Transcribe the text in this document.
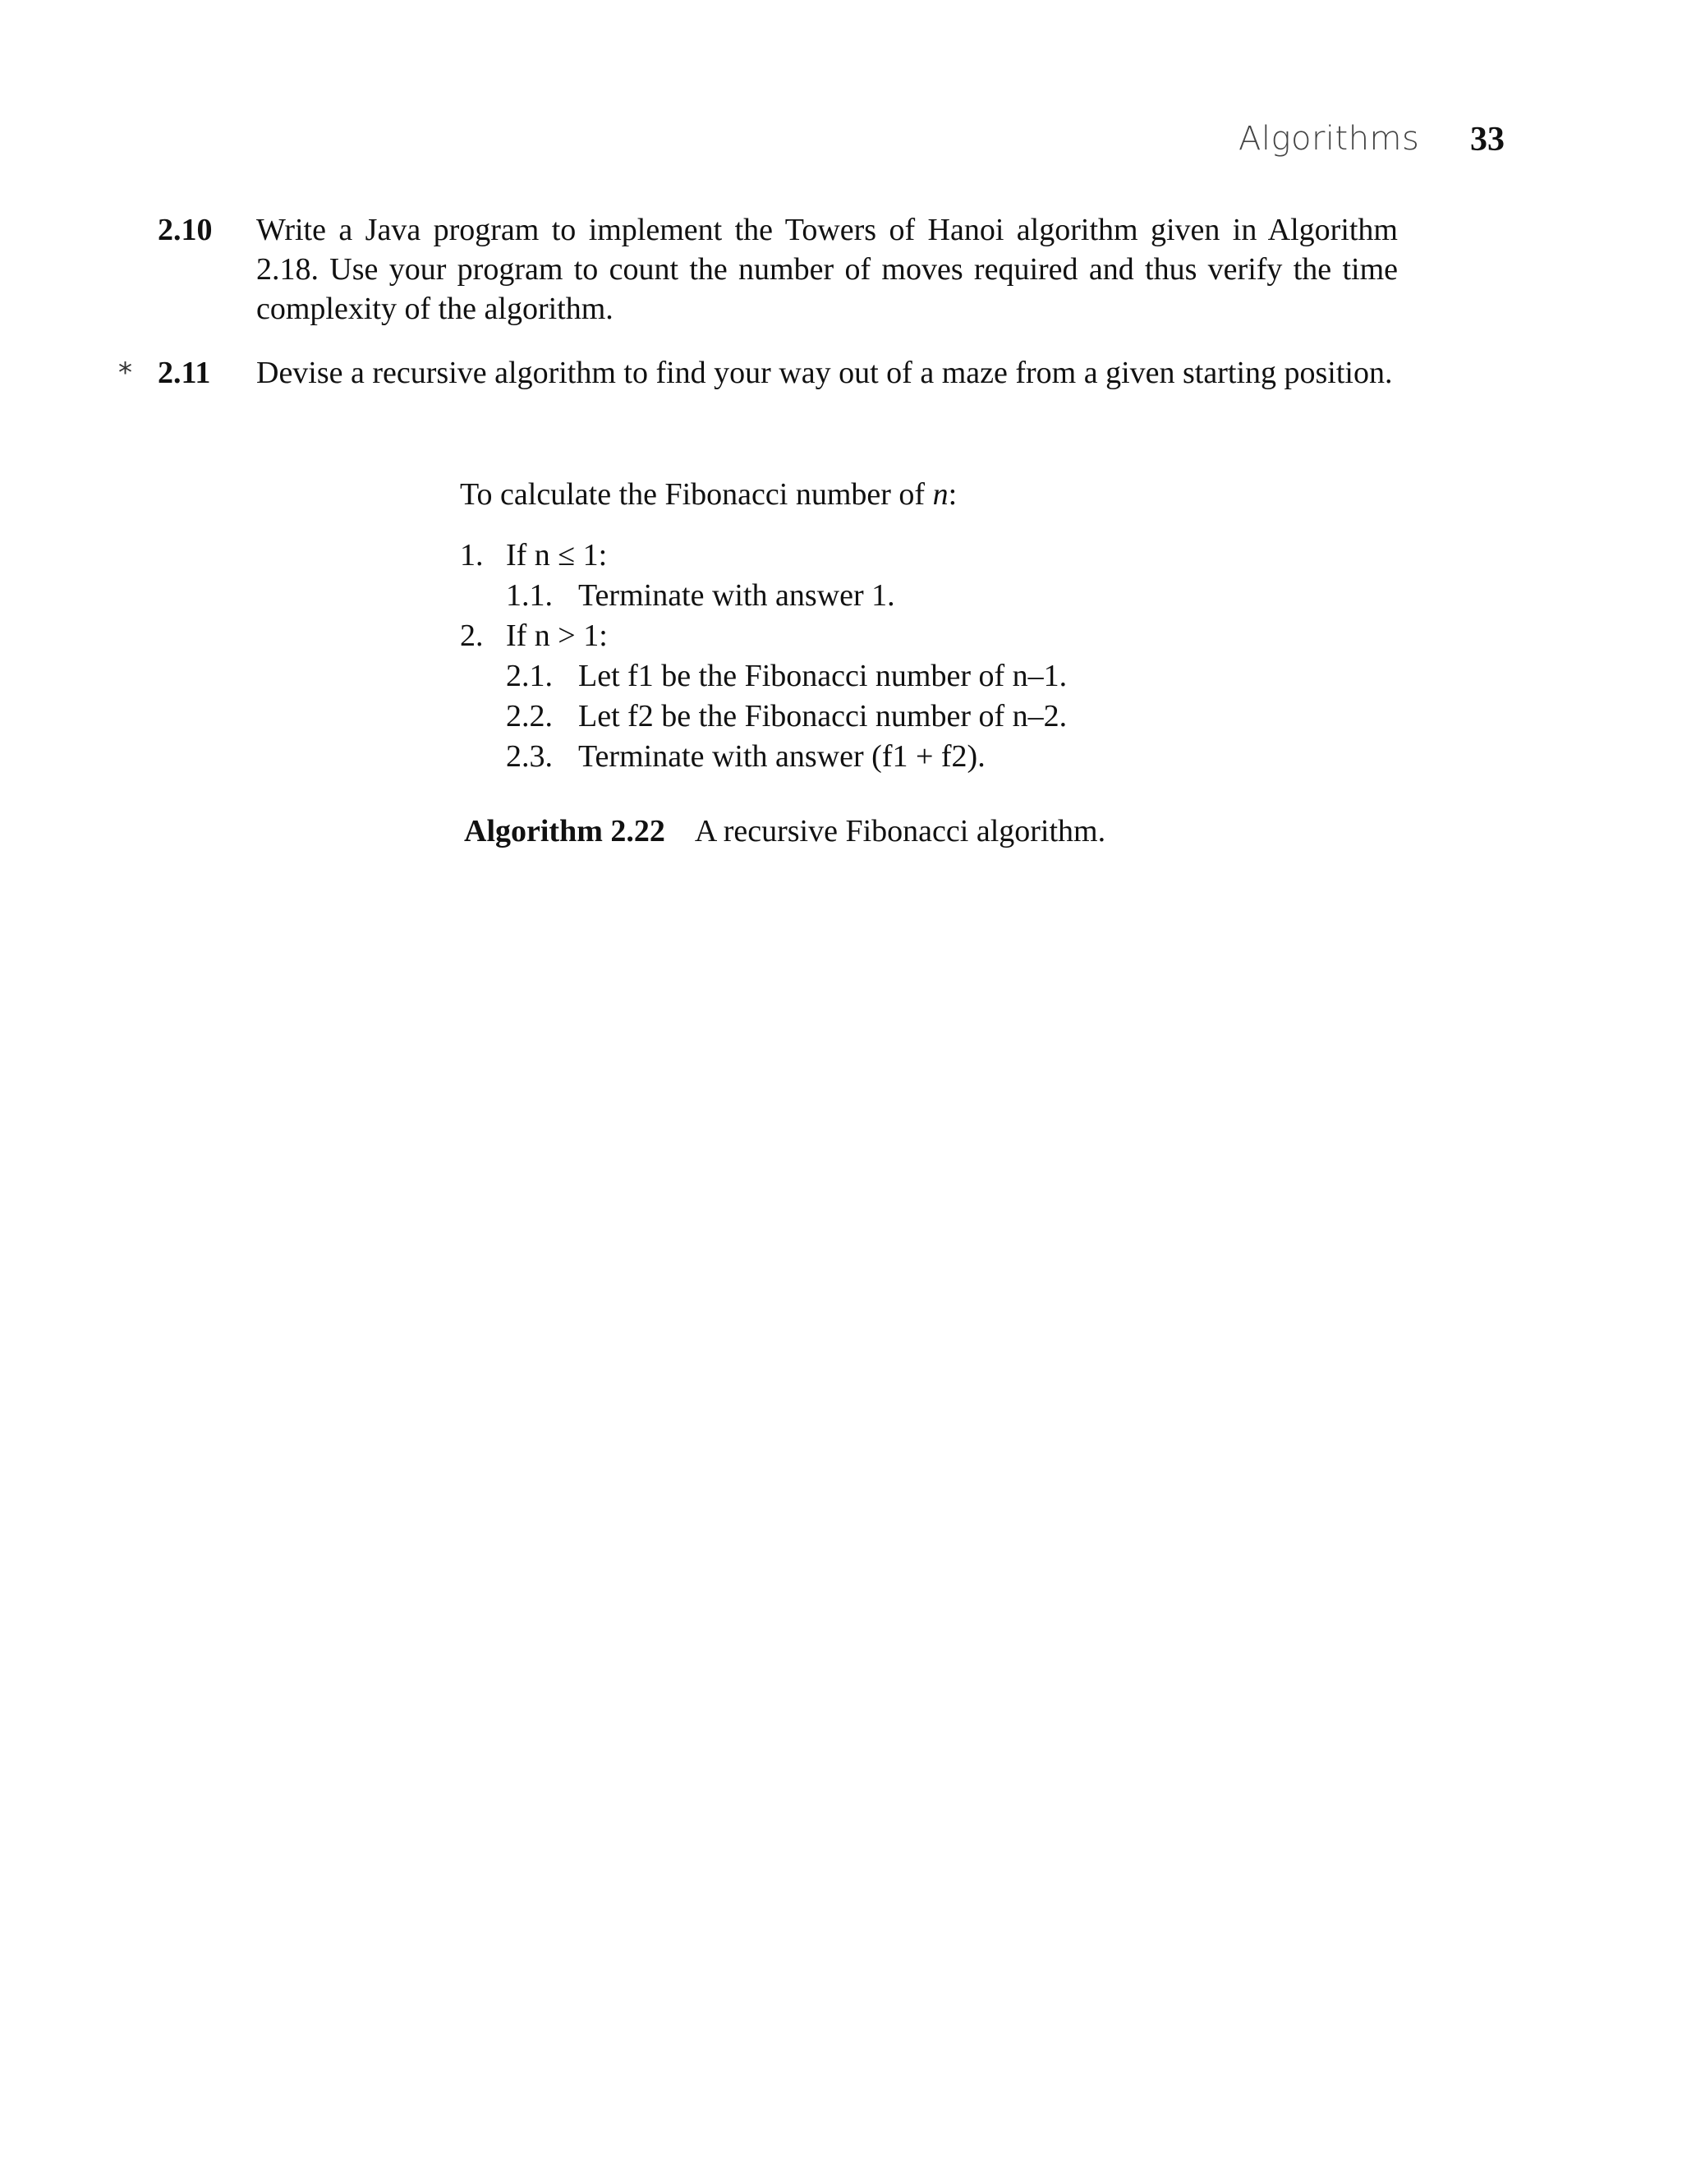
Algorithms 33
2.10 Write a Java program to implement the Towers of Hanoi algorithm given in Algorithm 2.18. Use your program to count the number of moves required and thus verify the time complexity of the algorithm.
* 2.11 Devise a recursive algorithm to find your way out of a maze from a given starting position.
To calculate the Fibonacci number of n:
1. If n ≤ 1:
1.1. Terminate with answer 1.
2. If n > 1:
2.1. Let f1 be the Fibonacci number of n–1.
2.2. Let f2 be the Fibonacci number of n–2.
2.3. Terminate with answer (f1 + f2).
Algorithm 2.22 A recursive Fibonacci algorithm.
